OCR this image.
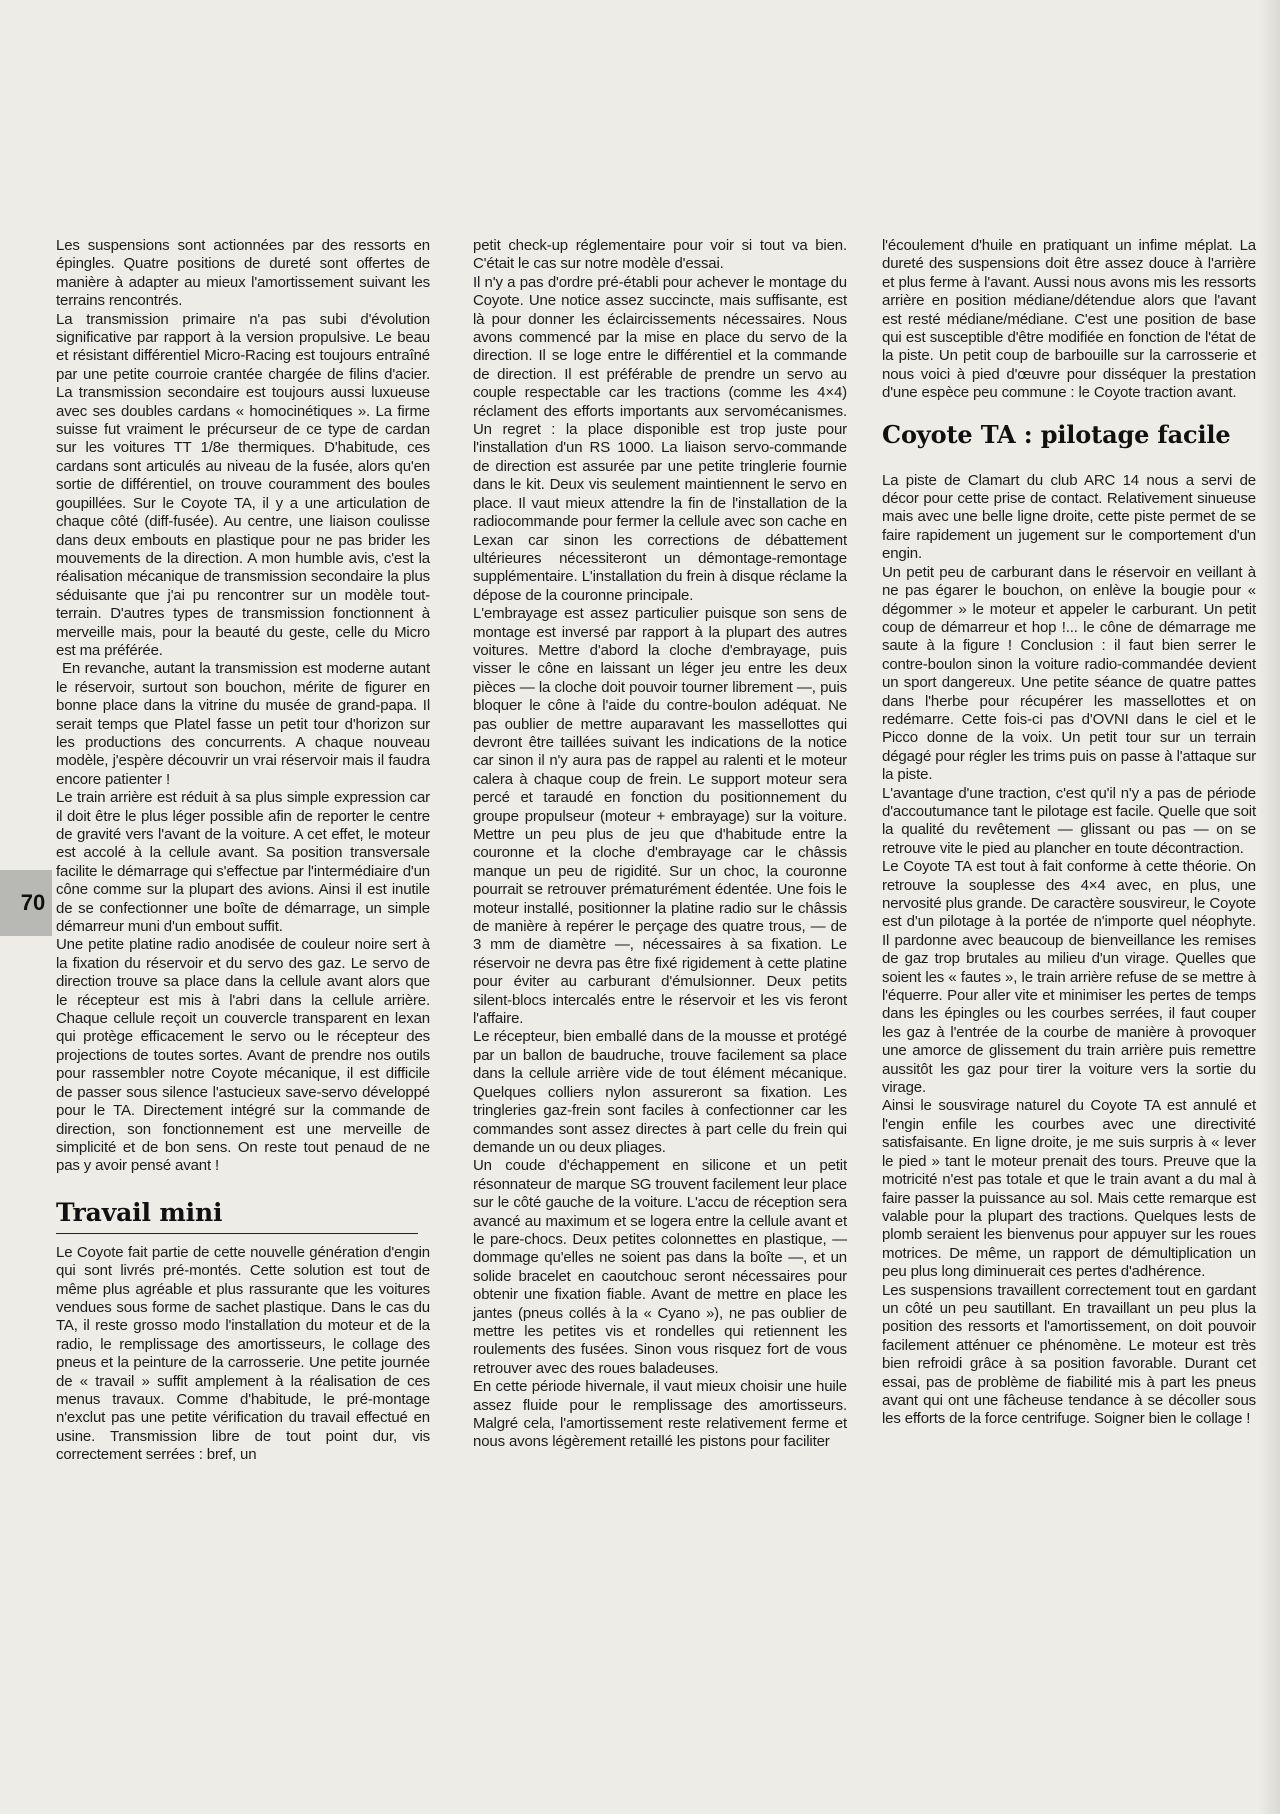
70

Les suspensions sont actionnées par des ressorts en épingles. Quatre positions de dureté sont offertes de manière à adapter au mieux l'amortissement suivant les terrains rencontrés.

La transmission primaire n'a pas subi d'évolution significative par rapport à la version propulsive. Le beau et résistant différentiel Micro-Racing est toujours entraîné par une petite courroie crantée chargée de filins d'acier. La transmission secondaire est toujours aussi luxueuse avec ses doubles cardans « homocinétiques ». La firme suisse fut vraiment le précurseur de ce type de cardan sur les voitures TT 1/8e thermiques. D'habitude, ces cardans sont articulés au niveau de la fusée, alors qu'en sortie de différentiel, on trouve couramment des boules goupillées. Sur le Coyote TA, il y a une articulation de chaque côté (diff-fusée). Au centre, une liaison coulisse dans deux embouts en plastique pour ne pas brider les mouvements de la direction. A mon humble avis, c'est la réalisation mécanique de transmission secondaire la plus séduisante que j'ai pu rencontrer sur un modèle tout-terrain. D'autres types de transmission fonctionnent à merveille mais, pour la beauté du geste, celle du Micro est ma préférée.

En revanche, autant la transmission est moderne autant le réservoir, surtout son bouchon, mérite de figurer en bonne place dans la vitrine du musée de grand-papa. Il serait temps que Platel fasse un petit tour d'horizon sur les productions des concurrents. A chaque nouveau modèle, j'espère découvrir un vrai réservoir mais il faudra encore patienter !

Le train arrière est réduit à sa plus simple expression car il doit être le plus léger possible afin de reporter le centre de gravité vers l'avant de la voiture. A cet effet, le moteur est accolé à la cellule avant. Sa position transversale facilite le démarrage qui s'effectue par l'intermédiaire d'un cône comme sur la plupart des avions. Ainsi il est inutile de se confectionner une boîte de démarrage, un simple démarreur muni d'un embout suffit.

Une petite platine radio anodisée de couleur noire sert à la fixation du réservoir et du servo des gaz. Le servo de direction trouve sa place dans la cellule avant alors que le récepteur est mis à l'abri dans la cellule arrière. Chaque cellule reçoit un couvercle transparent en lexan qui protège efficacement le servo ou le récepteur des projections de toutes sortes. Avant de prendre nos outils pour rassembler notre Coyote mécanique, il est difficile de passer sous silence l'astucieux save-servo développé pour le TA. Directement intégré sur la commande de direction, son fonctionnement est une merveille de simplicité et de bon sens. On reste tout penaud de ne pas y avoir pensé avant !

Travail mini

Le Coyote fait partie de cette nouvelle génération d'engin qui sont livrés pré-montés. Cette solution est tout de même plus agréable et plus rassurante que les voitures vendues sous forme de sachet plastique. Dans le cas du TA, il reste grosso modo l'installation du moteur et de la radio, le remplissage des amortisseurs, le collage des pneus et la peinture de la carrosserie. Une petite journée de « travail » suffit amplement à la réalisation de ces menus travaux. Comme d'habitude, le pré-montage n'exclut pas une petite vérification du travail effectué en usine. Transmission libre de tout point dur, vis correctement serrées : bref, un

petit check-up réglementaire pour voir si tout va bien. C'était le cas sur notre modèle d'essai.

Il n'y a pas d'ordre pré-établi pour achever le montage du Coyote. Une notice assez succincte, mais suffisante, est là pour donner les éclaircissements nécessaires. Nous avons commencé par la mise en place du servo de la direction. Il se loge entre le différentiel et la commande de direction. Il est préférable de prendre un servo au couple respectable car les tractions (comme les 4×4) réclament des efforts importants aux servomécanismes. Un regret : la place disponible est trop juste pour l'installation d'un RS 1000. La liaison servo-commande de direction est assurée par une petite tringlerie fournie dans le kit. Deux vis seulement maintiennent le servo en place. Il vaut mieux attendre la fin de l'installation de la radiocommande pour fermer la cellule avec son cache en Lexan car sinon les corrections de débattement ultérieures nécessiteront un démontage-remontage supplémentaire. L'installation du frein à disque réclame la dépose de la couronne principale.

L'embrayage est assez particulier puisque son sens de montage est inversé par rapport à la plupart des autres voitures. Mettre d'abord la cloche d'embrayage, puis visser le cône en laissant un léger jeu entre les deux pièces — la cloche doit pouvoir tourner librement —, puis bloquer le cône à l'aide du contre-boulon adéquat. Ne pas oublier de mettre auparavant les massellottes qui devront être taillées suivant les indications de la notice car sinon il n'y aura pas de rappel au ralenti et le moteur calera à chaque coup de frein. Le support moteur sera percé et taraudé en fonction du positionnement du groupe propulseur (moteur + embrayage) sur la voiture. Mettre un peu plus de jeu que d'habitude entre la couronne et la cloche d'embrayage car le châssis manque un peu de rigidité. Sur un choc, la couronne pourrait se retrouver prématurément édentée. Une fois le moteur installé, positionner la platine radio sur le châssis de manière à repérer le perçage des quatre trous, — de 3 mm de diamètre —, nécessaires à sa fixation. Le réservoir ne devra pas être fixé rigidement à cette platine pour éviter au carburant d'émulsionner. Deux petits silent-blocs intercalés entre le réservoir et les vis feront l'affaire.

Le récepteur, bien emballé dans de la mousse et protégé par un ballon de baudruche, trouve facilement sa place dans la cellule arrière vide de tout élément mécanique. Quelques colliers nylon assureront sa fixation. Les tringleries gaz-frein sont faciles à confectionner car les commandes sont assez directes à part celle du frein qui demande un ou deux pliages.

Un coude d'échappement en silicone et un petit résonnateur de marque SG trouvent facilement leur place sur le côté gauche de la voiture. L'accu de réception sera avancé au maximum et se logera entre la cellule avant et le pare-chocs. Deux petites colonnettes en plastique, — dommage qu'elles ne soient pas dans la boîte —, et un solide bracelet en caoutchouc seront nécessaires pour obtenir une fixation fiable. Avant de mettre en place les jantes (pneus collés à la « Cyano »), ne pas oublier de mettre les petites vis et rondelles qui retiennent les roulements des fusées. Sinon vous risquez fort de vous retrouver avec des roues baladeuses.

En cette période hivernale, il vaut mieux choisir une huile assez fluide pour le remplissage des amortisseurs. Malgré cela, l'amortissement reste relativement ferme et nous avons légèrement retaillé les pistons pour faciliter

l'écoulement d'huile en pratiquant un infime méplat. La dureté des suspensions doit être assez douce à l'arrière et plus ferme à l'avant. Aussi nous avons mis les ressorts arrière en position médiane/détendue alors que l'avant est resté médiane/médiane. C'est une position de base qui est susceptible d'être modifiée en fonction de l'état de la piste. Un petit coup de barbouille sur la carrosserie et nous voici à pied d'œuvre pour disséquer la prestation d'une espèce peu commune : le Coyote traction avant.

Coyote TA : pilotage facile

La piste de Clamart du club ARC 14 nous a servi de décor pour cette prise de contact. Relativement sinueuse mais avec une belle ligne droite, cette piste permet de se faire rapidement un jugement sur le comportement d'un engin.

Un petit peu de carburant dans le réservoir en veillant à ne pas égarer le bouchon, on enlève la bougie pour « dégommer » le moteur et appeler le carburant. Un petit coup de démarreur et hop !... le cône de démarrage me saute à la figure ! Conclusion : il faut bien serrer le contre-boulon sinon la voiture radio-commandée devient un sport dangereux. Une petite séance de quatre pattes dans l'herbe pour récupérer les massellottes et on redémarre. Cette fois-ci pas d'OVNI dans le ciel et le Picco donne de la voix. Un petit tour sur un terrain dégagé pour régler les trims puis on passe à l'attaque sur la piste.

L'avantage d'une traction, c'est qu'il n'y a pas de période d'accoutumance tant le pilotage est facile. Quelle que soit la qualité du revêtement — glissant ou pas — on se retrouve vite le pied au plancher en toute décontraction.

Le Coyote TA est tout à fait conforme à cette théorie. On retrouve la souplesse des 4×4 avec, en plus, une nervosité plus grande. De caractère sousvireur, le Coyote est d'un pilotage à la portée de n'importe quel néophyte. Il pardonne avec beaucoup de bienveillance les remises de gaz trop brutales au milieu d'un virage. Quelles que soient les « fautes », le train arrière refuse de se mettre à l'équerre. Pour aller vite et minimiser les pertes de temps dans les épingles ou les courbes serrées, il faut couper les gaz à l'entrée de la courbe de manière à provoquer une amorce de glissement du train arrière puis remettre aussitôt les gaz pour tirer la voiture vers la sortie du virage.

Ainsi le sousvirage naturel du Coyote TA est annulé et l'engin enfile les courbes avec une directivité satisfaisante. En ligne droite, je me suis surpris à « lever le pied » tant le moteur prenait des tours. Preuve que la motricité n'est pas totale et que le train avant a du mal à faire passer la puissance au sol. Mais cette remarque est valable pour la plupart des tractions. Quelques lests de plomb seraient les bienvenus pour appuyer sur les roues motrices. De même, un rapport de démultiplication un peu plus long diminuerait ces pertes d'adhérence.

Les suspensions travaillent correctement tout en gardant un côté un peu sautillant. En travaillant un peu plus la position des ressorts et l'amortissement, on doit pouvoir facilement atténuer ce phénomène. Le moteur est très bien refroidi grâce à sa position favorable. Durant cet essai, pas de problème de fiabilité mis à part les pneus avant qui ont une fâcheuse tendance à se décoller sous les efforts de la force centrifuge. Soigner bien le collage !
